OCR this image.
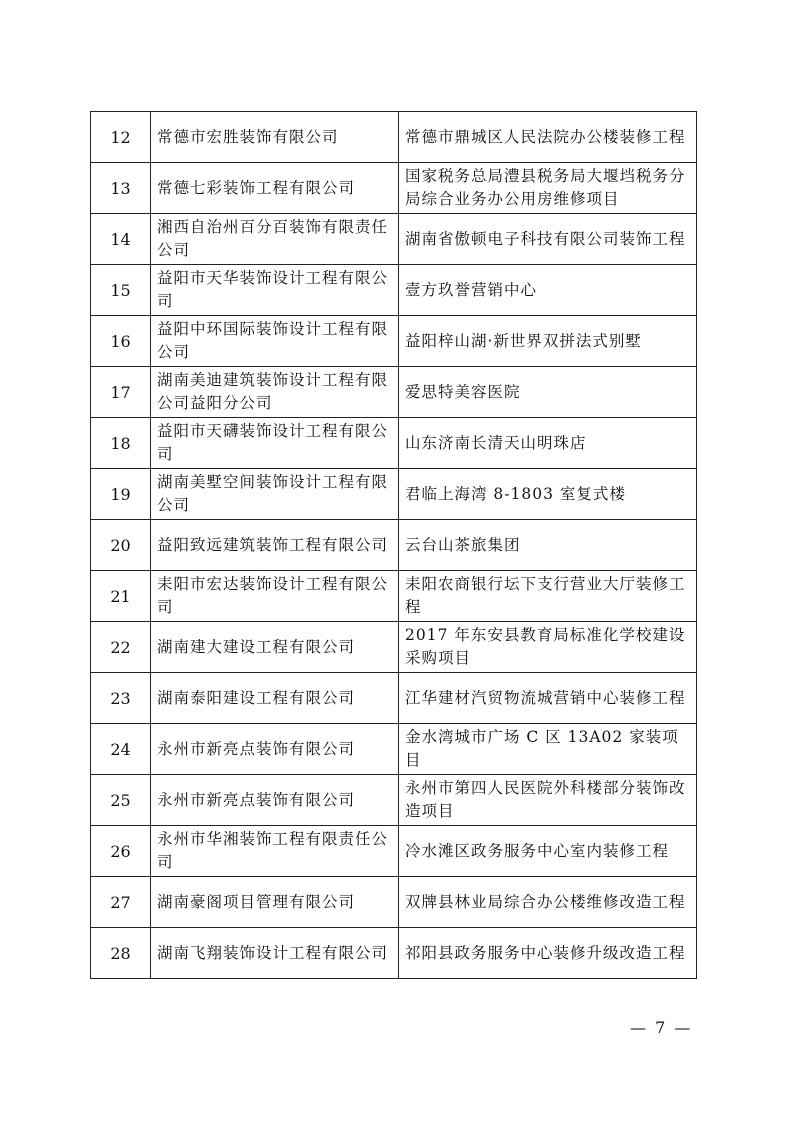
12	常德市宏胜装饰有限公司	常德市鼎城区人民法院办公楼装修工程
13	常德七彩装饰工程有限公司	国家税务总局澧县税务局大堰垱税务分局综合业务办公用房维修项目
14	湘西自治州百分百装饰有限责任公司	湖南省傲顿电子科技有限公司装饰工程
15	益阳市天华装饰设计工程有限公司	壹方玖誉营销中心
16	益阳中环国际装饰设计工程有限公司	益阳梓山湖·新世界双拼法式别墅
17	湖南美迪建筑装饰设计工程有限公司益阳分公司	爱思特美容医院
18	益阳市天礴装饰设计工程有限公司	山东济南长清天山明珠店
19	湖南美墅空间装饰设计工程有限公司	君临上海湾 8-1803 室复式楼
20	益阳致远建筑装饰工程有限公司	云台山茶旅集团
21	耒阳市宏达装饰设计工程有限公司	耒阳农商银行坛下支行营业大厅装修工程
22	湖南建大建设工程有限公司	2017 年东安县教育局标准化学校建设采购项目
23	湖南泰阳建设工程有限公司	江华建材汽贸物流城营销中心装修工程
24	永州市新亮点装饰有限公司	金水湾城市广场 C 区 13A02 家装项目
25	永州市新亮点装饰有限公司	永州市第四人民医院外科楼部分装饰改造项目
26	永州市华湘装饰工程有限责任公司	冷水滩区政务服务中心室内装修工程
27	湖南豪阁项目管理有限公司	双牌县林业局综合办公楼维修改造工程
28	湖南飞翔装饰设计工程有限公司	祁阳县政务服务中心装修升级改造工程
— 7 —
